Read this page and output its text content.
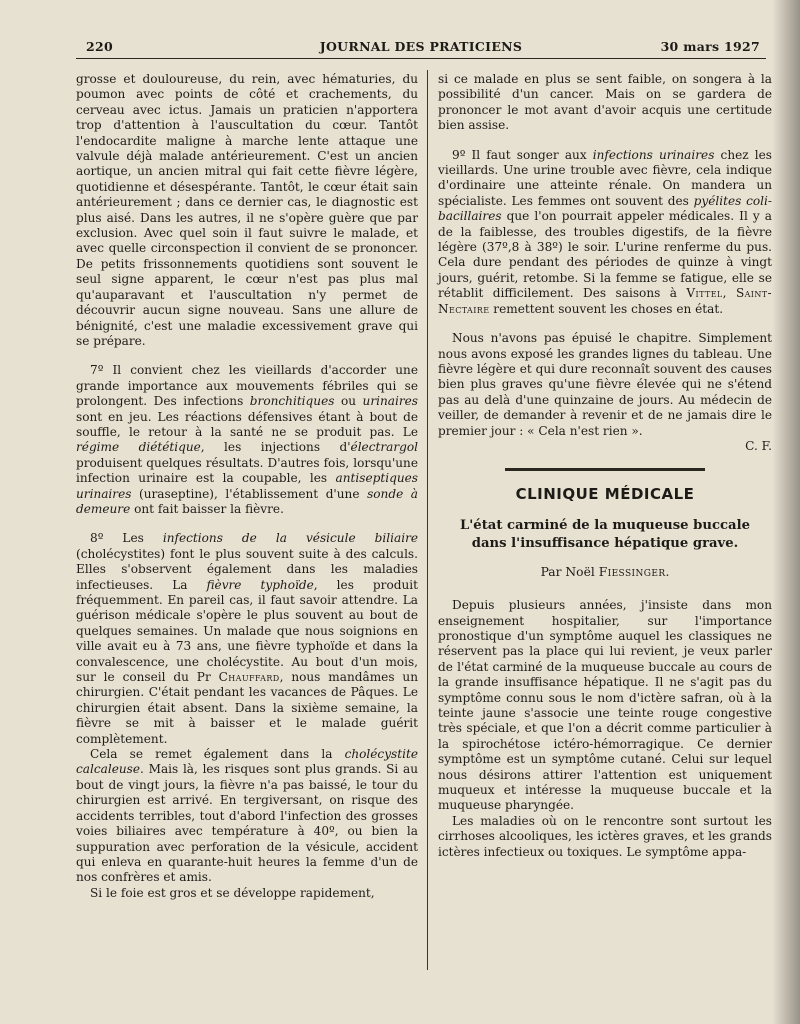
220	JOURNAL DES PRATICIENS	30 mars 1927

grosse et douloureuse, du rein, avec hématuries, du poumon avec points de côté et crachements, du cerveau avec ictus. Jamais un praticien n'apportera trop d'attention à l'auscultation du cœur. Tantôt l'endocardite maligne à marche lente attaque une valvule déjà malade antérieurement. C'est un ancien aortique, un ancien mitral qui fait cette fièvre légère, quotidienne et désespérante. Tantôt, le cœur était sain antérieurement ; dans ce dernier cas, le diagnostic est plus aisé. Dans les autres, il ne s'opère guère que par exclusion. Avec quel soin il faut suivre le malade, et avec quelle circonspection il convient de se prononcer. De petits frissonnements quotidiens sont souvent le seul signe apparent, le cœur n'est pas plus mal qu'auparavant et l'auscultation n'y permet de découvrir aucun signe nouveau. Sans une allure de bénignité, c'est une maladie excessivement grave qui se prépare.

7º Il convient chez les vieillards d'accorder une grande importance aux mouvements fébriles qui se prolongent. Des infections bronchitiques ou urinaires sont en jeu. Les réactions défensives étant à bout de souffle, le retour à la santé ne se produit pas. Le régime diététique, les injections d'électrargol produisent quelques résultats. D'autres fois, lorsqu'une infection urinaire est la coupable, les antiseptiques urinaires (uraseptine), l'établissement d'une sonde à demeure ont fait baisser la fièvre.

8º Les infections de la vésicule biliaire (cholécystites) font le plus souvent suite à des calculs. Elles s'observent également dans les maladies infectieuses. La fièvre typhoïde, les produit fréquemment. En pareil cas, il faut savoir attendre. La guérison médicale s'opère le plus souvent au bout de quelques semaines. Un malade que nous soignions en ville avait eu à 73 ans, une fièvre typhoïde et dans la convalescence, une cholécystite. Au bout d'un mois, sur le conseil du Pr Chauffard, nous mandâmes un chirurgien. C'était pendant les vacances de Pâques. Le chirurgien était absent. Dans la sixième semaine, la fièvre se mit à baisser et le malade guérit complètement.

Cela se remet également dans la cholécystite calcaleuse. Mais là, les risques sont plus grands. Si au bout de vingt jours, la fièvre n'a pas baissé, le tour du chirurgien est arrivé. En tergiversant, on risque des accidents terribles, tout d'abord l'infection des grosses voies biliaires avec température à 40º, ou bien la suppuration avec perforation de la vésicule, accident qui enleva en quarante-huit heures la femme d'un de nos confrères et amis.

Si le foie est gros et se développe rapidement,

si ce malade en plus se sent faible, on songera à la possibilité d'un cancer. Mais on se gardera de prononcer le mot avant d'avoir acquis une certitude bien assise.

9º Il faut songer aux infections urinaires chez les vieillards. Une urine trouble avec fièvre, cela indique d'ordinaire une atteinte rénale. On mandera un spécialiste. Les femmes ont souvent des pyélites coli-bacillaires que l'on pourrait appeler médicales. Il y a de la faiblesse, des troubles digestifs, de la fièvre légère (37º,8 à 38º) le soir. L'urine renferme du pus. Cela dure pendant des périodes de quinze à vingt jours, guérit, retombe. Si la femme se fatigue, elle se rétablit difficilement. Des saisons à Vittel, Saint-Nectaire remettent souvent les choses en état.

Nous n'avons pas épuisé le chapitre. Simplement nous avons exposé les grandes lignes du tableau. Une fièvre légère et qui dure reconnaît souvent des causes bien plus graves qu'une fièvre élevée qui ne s'étend pas au delà d'une quinzaine de jours. Au médecin de veiller, de demander à revenir et de ne jamais dire le premier jour : « Cela n'est rien ».

C. F.

CLINIQUE MÉDICALE
L'état carminé de la muqueuse buccale dans l'insuffisance hépatique grave.
Par Noël Fiessinger.

Depuis plusieurs années, j'insiste dans mon enseignement hospitalier, sur l'importance pronostique d'un symptôme auquel les classiques ne réservent pas la place qui lui revient, je veux parler de l'état carminé de la muqueuse buccale au cours de la grande insuffisance hépatique. Il ne s'agit pas du symptôme connu sous le nom d'ictère safran, où à la teinte jaune s'associe une teinte rouge congestive très spéciale, et que l'on a décrit comme particulier à la spirochétose ictéro-hémorragique. Ce dernier symptôme est un symptôme cutané. Celui sur lequel nous désirons attirer l'attention est uniquement muqueux et intéresse la muqueuse buccale et la muqueuse pharyngée.

Les maladies où on le rencontre sont surtout les cirrhoses alcooliques, les ictères graves, et les grands ictères infectieux ou toxiques. Le symptôme appa-
